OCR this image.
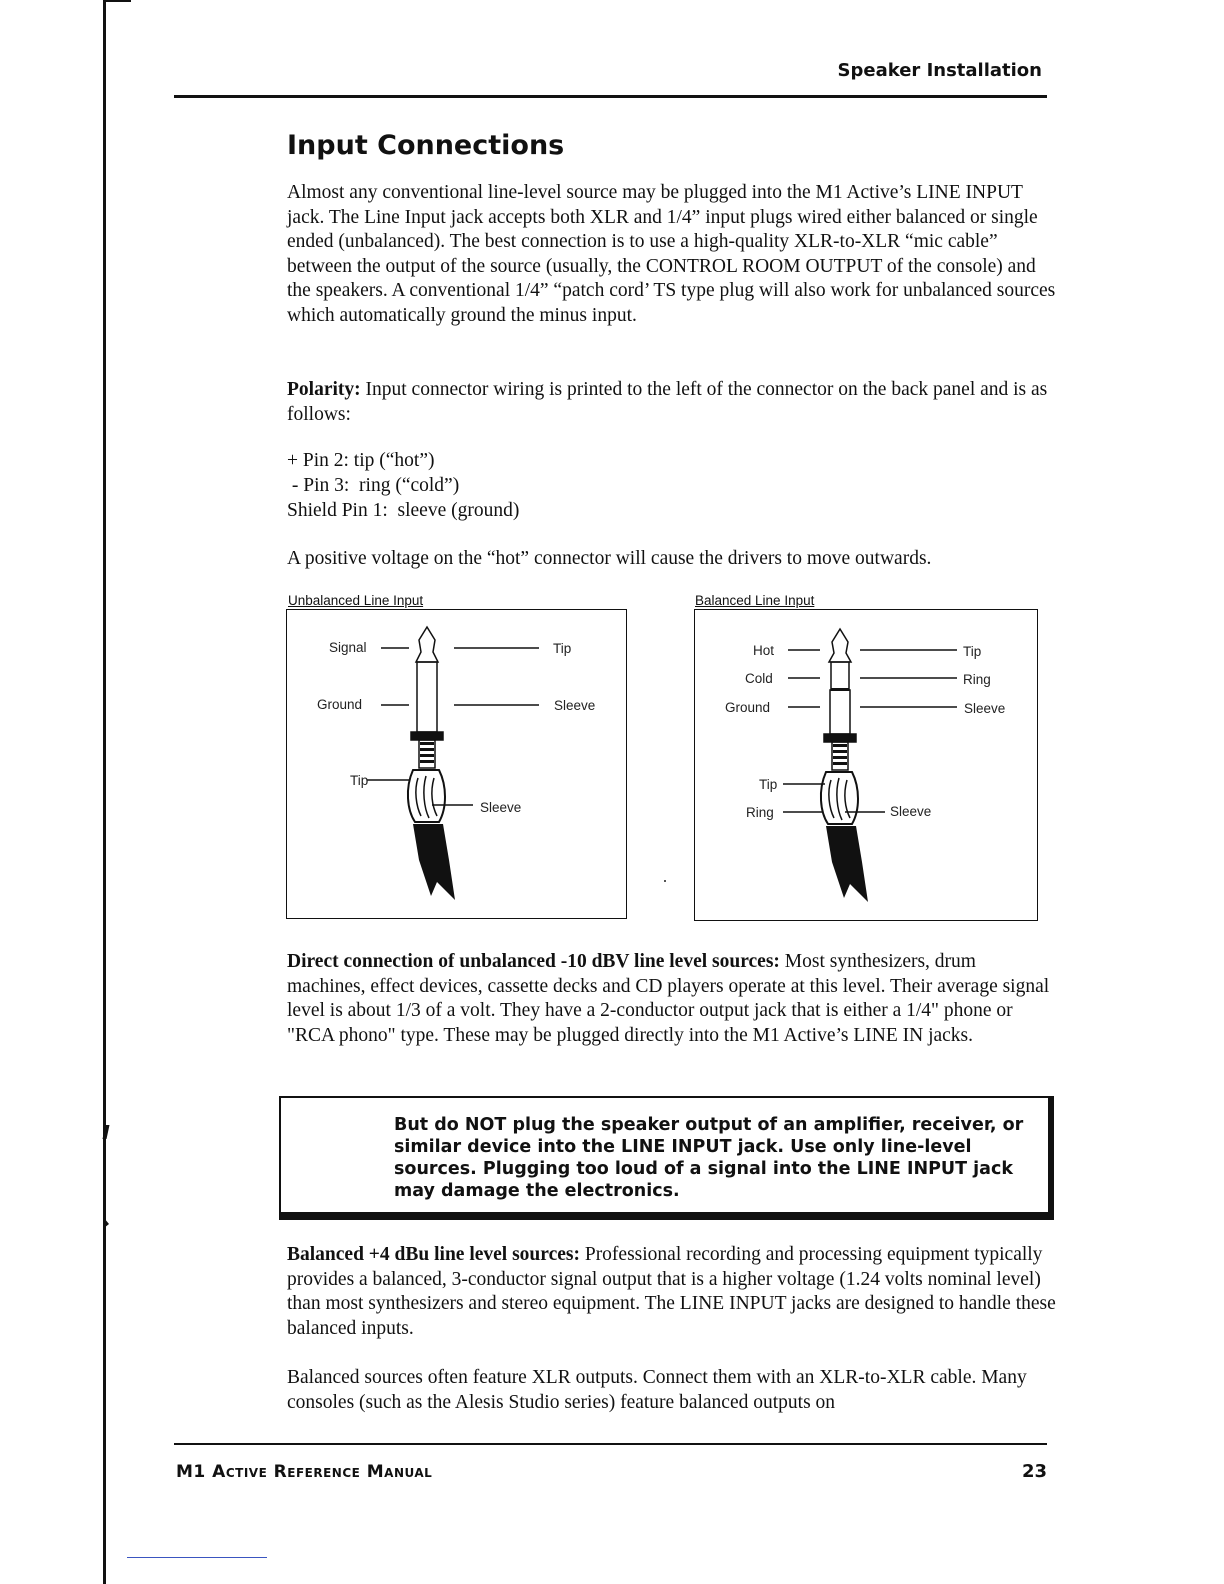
Speaker Installation
Input Connections

Almost any conventional line-level source may be plugged into the M1 Active’s LINE INPUT jack. The Line Input jack accepts both XLR and 1/4” input plugs wired either balanced or single ended (unbalanced). The best connection is to use a high-quality XLR-to-XLR “mic cable” between the output of the source (usually, the CONTROL ROOM OUTPUT of the console) and the speakers. A conventional 1/4” “patch cord’ TS type plug will also work for unbalanced sources which automatically ground the minus input.

Polarity: Input connector wiring is printed to the left of the connector on the back panel and is as follows:

+ Pin 2: tip (“hot”)
- Pin 3:  ring (“cold”)
Shield Pin 1:  sleeve (ground)

A positive voltage on the “hot” connector will cause the drivers to move outwards.

Unbalanced Line Input
Signal	Tip
Ground	Sleeve
Tip
Sleeve
Balanced Line Input
Hot	Tip
Cold	Ring
Ground	Sleeve
Tip
Ring	Sleeve

Direct connection of unbalanced -10 dBV line level sources: Most synthesizers, drum machines, effect devices, cassette decks and CD players operate at this level. Their average signal level is about 1/3 of a volt. They have a 2-conductor output jack that is either a 1/4" phone or "RCA phono" type. These may be plugged directly into the M1 Active’s LINE IN jacks.

But do NOT plug the speaker output of an amplifier, receiver, or similar device into the LINE INPUT jack. Use only line-level sources. Plugging too loud of a signal into the LINE INPUT jack may damage the electronics.

Balanced +4 dBu line level sources: Professional recording and processing equipment typically provides a balanced, 3-conductor signal output that is a higher voltage (1.24 volts nominal level) than most synthesizers and stereo equipment. The LINE INPUT jacks are designed to handle these balanced inputs.

Balanced sources often feature XLR outputs. Connect them with an XLR-to-XLR cable. Many consoles (such as the Alesis Studio series) feature balanced outputs on

M1 Active Reference Manual	23
